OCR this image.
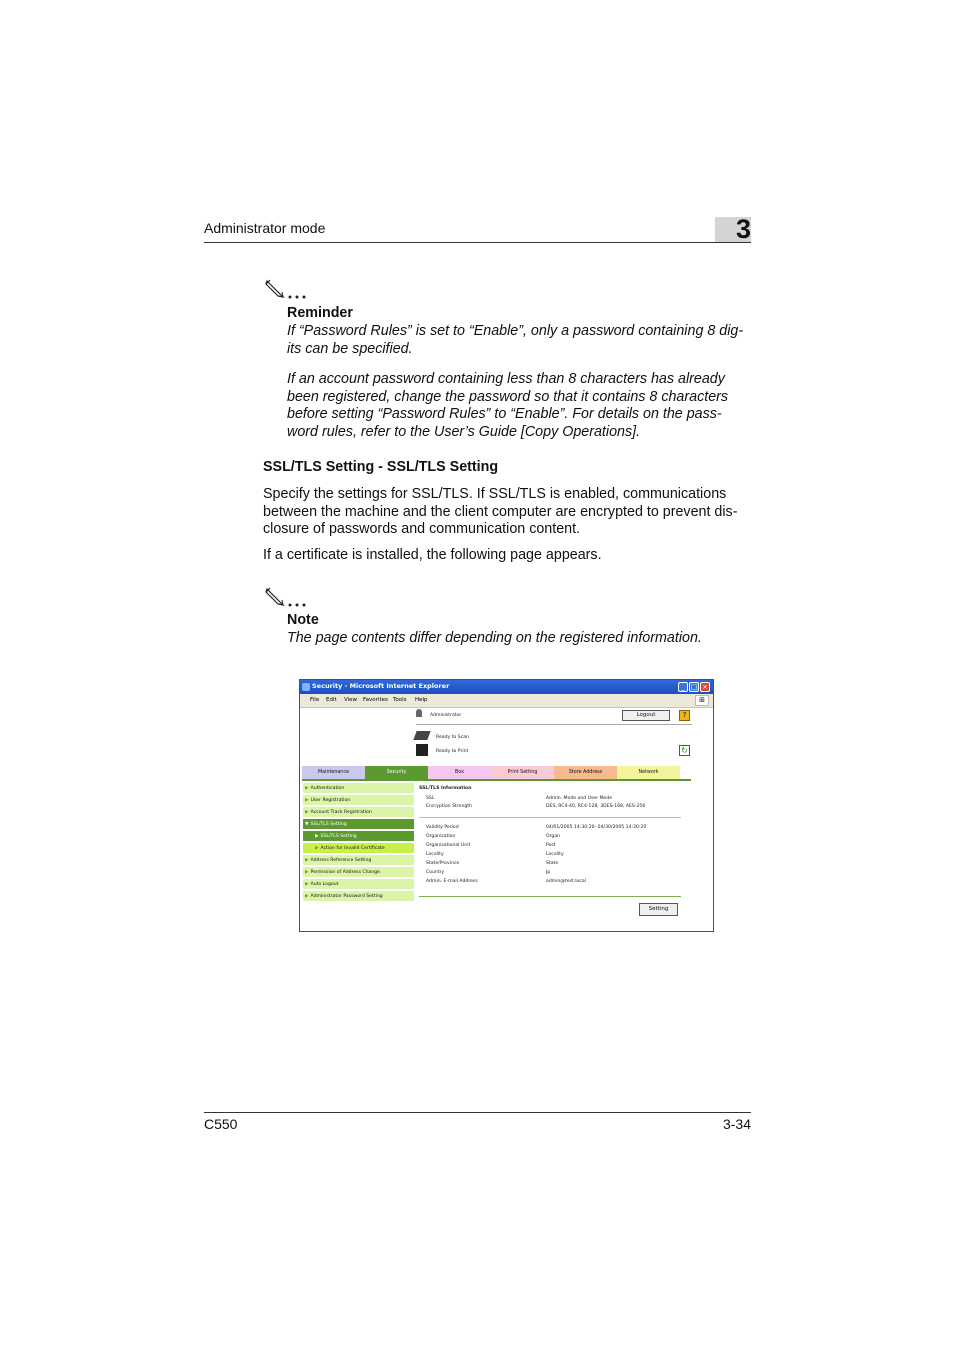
Administrator mode	3
Reminder
If “Password Rules” is set to “Enable”, only a password containing 8 dig-
its can be specified.
If an account password containing less than 8 characters has already
been registered, change the password so that it contains 8 characters
before setting “Password Rules” to “Enable”. For details on the pass-
word rules, refer to the User’s Guide [Copy Operations].
SSL/TLS Setting - SSL/TLS Setting
Specify the settings for SSL/TLS. If SSL/TLS is enabled, communications
between the machine and the client computer are encrypted to prevent dis-
closure of passwords and communication content.
If a certificate is installed, the following page appears.
Note
The page contents differ depending on the registered information.
Security - Microsoft Internet Explorer	_ □ ×
File Edit View Favorites Tools Help	⊞
Administrator	Logout	?
Ready to Scan
Ready to Print	↻
Maintenance	Security	Box	Print Setting	Store Address	Network
▶ Authentication
▶ User Registration
▶ Account Track Registration
▼ SSL/TLS Setting
▶ SSL/TLS Setting
▶ Action for Invalid Certificate
▶ Address Reference Setting
▶ Permission of Address Change
▶ Auto Logout
▶ Administrator Password Setting
SSL/TLS Information
SSL	Admin. Mode and User Mode
Encryption Strength	DES, RC4-40, RC4-128, 3DES-168, AES-256
Validity Period	04/01/2005 14:30:20- 04/30/2005 14:30:20
Organization	Organ
Organizational Unit	Post
Locality	Locality
State/Province	State
Country	Jp
Admin. E-mail Address	admin@test.local
Setting
C550	3-34
